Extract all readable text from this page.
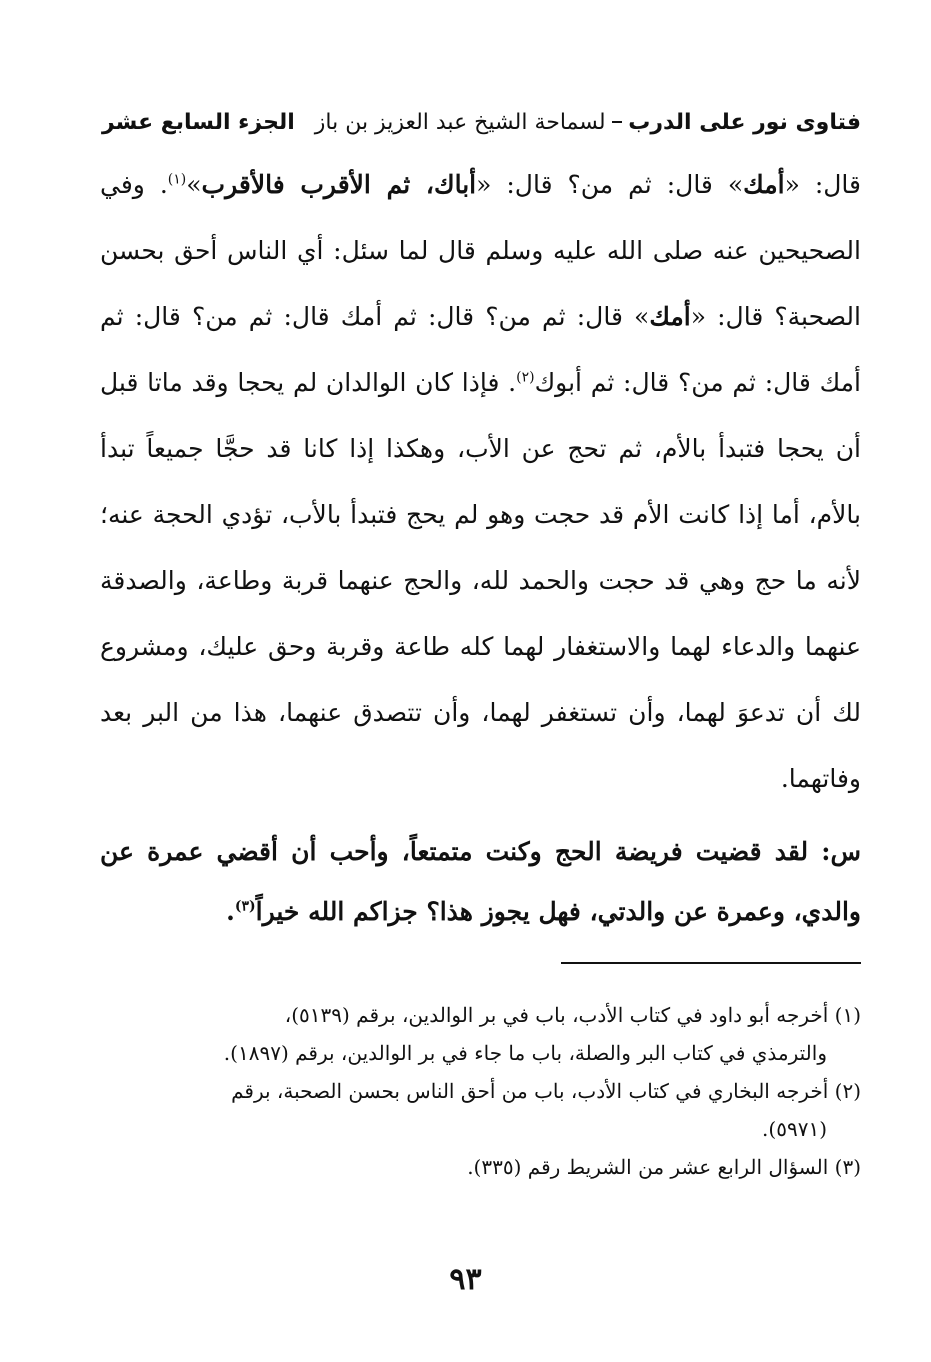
فتاوى نور على الدرب
لسماحة الشيخ عبد العزيز بن باز
الجزء السابع عشر

قال: «أمك» قال: ثم من؟ قال: «أباك، ثم الأقرب فالأقرب»$^{(١)}$. وفي الصحيحين عنه صلى الله عليه وسلم قال لما سئل: أي الناس أحق بحسن الصحبة؟ قال: «أمك» قال: ثم من؟ قال: ثم أمك قال: ثم من؟ قال: ثم أمك قال: ثم من؟ قال: ثم أبوك$^{(٢)}$. فإذا كان الوالدان لم يحجا وقد ماتا قبل أن يحجا فتبدأ بالأم، ثم تحج عن الأب، وهكذا إذا كانا قد حجَّا جميعاً تبدأ بالأم، أما إذا كانت الأم قد حجت وهو لم يحج فتبدأ بالأب، تؤدي الحجة عنه؛ لأنه ما حج وهي قد حجت والحمد لله، والحج عنهما قربة وطاعة، والصدقة عنهما والدعاء لهما والاستغفار لهما كله طاعة وقربة وحق عليك، ومشروع لك أن تدعوَ لهما، وأن تستغفر لهما، وأن تتصدق عنهما، هذا من البر بعد وفاتهما.

س: لقد قضيت فريضة الحج وكنت متمتعاً، وأحب أن أقضي عمرة عن والدي، وعمرة عن والدتي، فهل يجوز هذا؟ جزاكم الله خيراً$^{(٣)}$.

(١) أخرجه أبو داود في كتاب الأدب، باب في بر الوالدين، برقم (٥١٣٩)،
والترمذي في كتاب البر والصلة، باب ما جاء في بر الوالدين، برقم (١٨٩٧).
(٢) أخرجه البخاري في كتاب الأدب، باب من أحق الناس بحسن الصحبة، برقم
(٥٩٧١).
(٣) السؤال الرابع عشر من الشريط رقم (٣٣٥).
٩٣
